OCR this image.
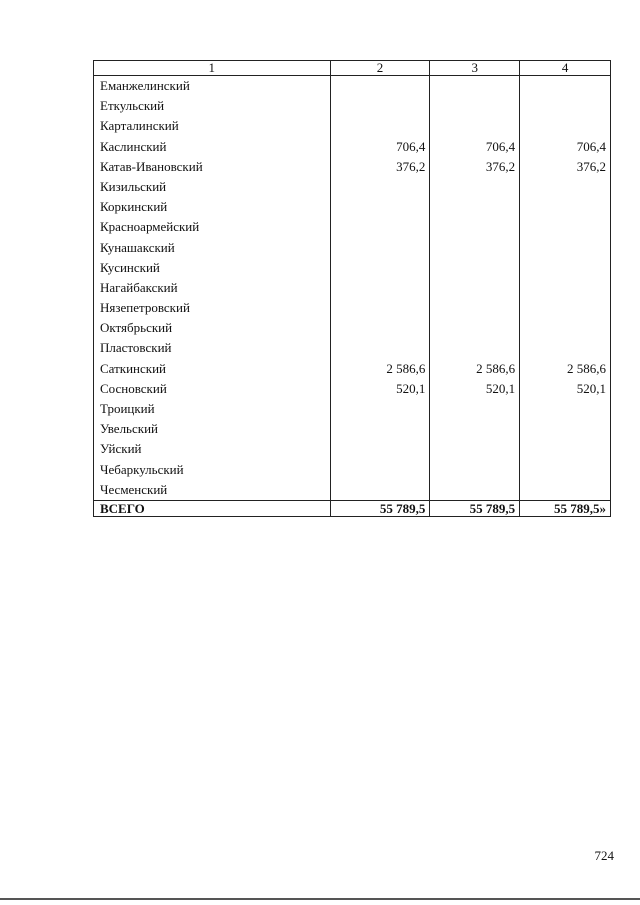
1	2	3	4
Еманжелинский			
Еткульский			
Карталинский			
Каслинский	706,4	706,4	706,4
Катав-Ивановский	376,2	376,2	376,2
Кизильский			
Коркинский			
Красноармейский			
Кунашакский			
Кусинский			
Нагайбакский			
Нязепетровский			
Октябрьский			
Пластовский			
Саткинский	2 586,6	2 586,6	2 586,6
Сосновский	520,1	520,1	520,1
Троицкий			
Увельский			
Уйский			
Чебаркульский			
Чесменский			
ВСЕГО	55 789,5	55 789,5	55 789,5»
724
